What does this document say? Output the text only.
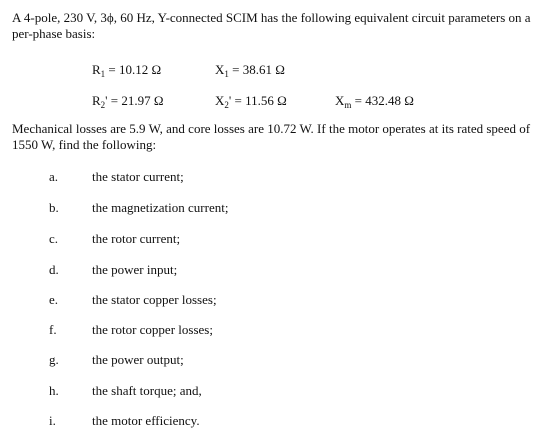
A 4-pole, 230 V, 3ϕ, 60 Hz, Y-connected SCIM has the following equivalent circuit parameters on a per-phase basis:

$R_1 = 10.12$ Ω	$X_1 = 38.61$ Ω
$R_2' = 21.97$ Ω	$X_2' = 11.56$ Ω	$X_m = 432.48$ Ω

Mechanical losses are 5.9 W, and core losses are 10.72 W. If the motor operates at its rated speed of 1550 W, find the following:

a.	the stator current;
b.	the magnetization current;
c.	the rotor current;
d.	the power input;
e.	the stator copper losses;
f.	the rotor copper losses;
g.	the power output;
h.	the shaft torque; and,
i.	the motor efficiency.
